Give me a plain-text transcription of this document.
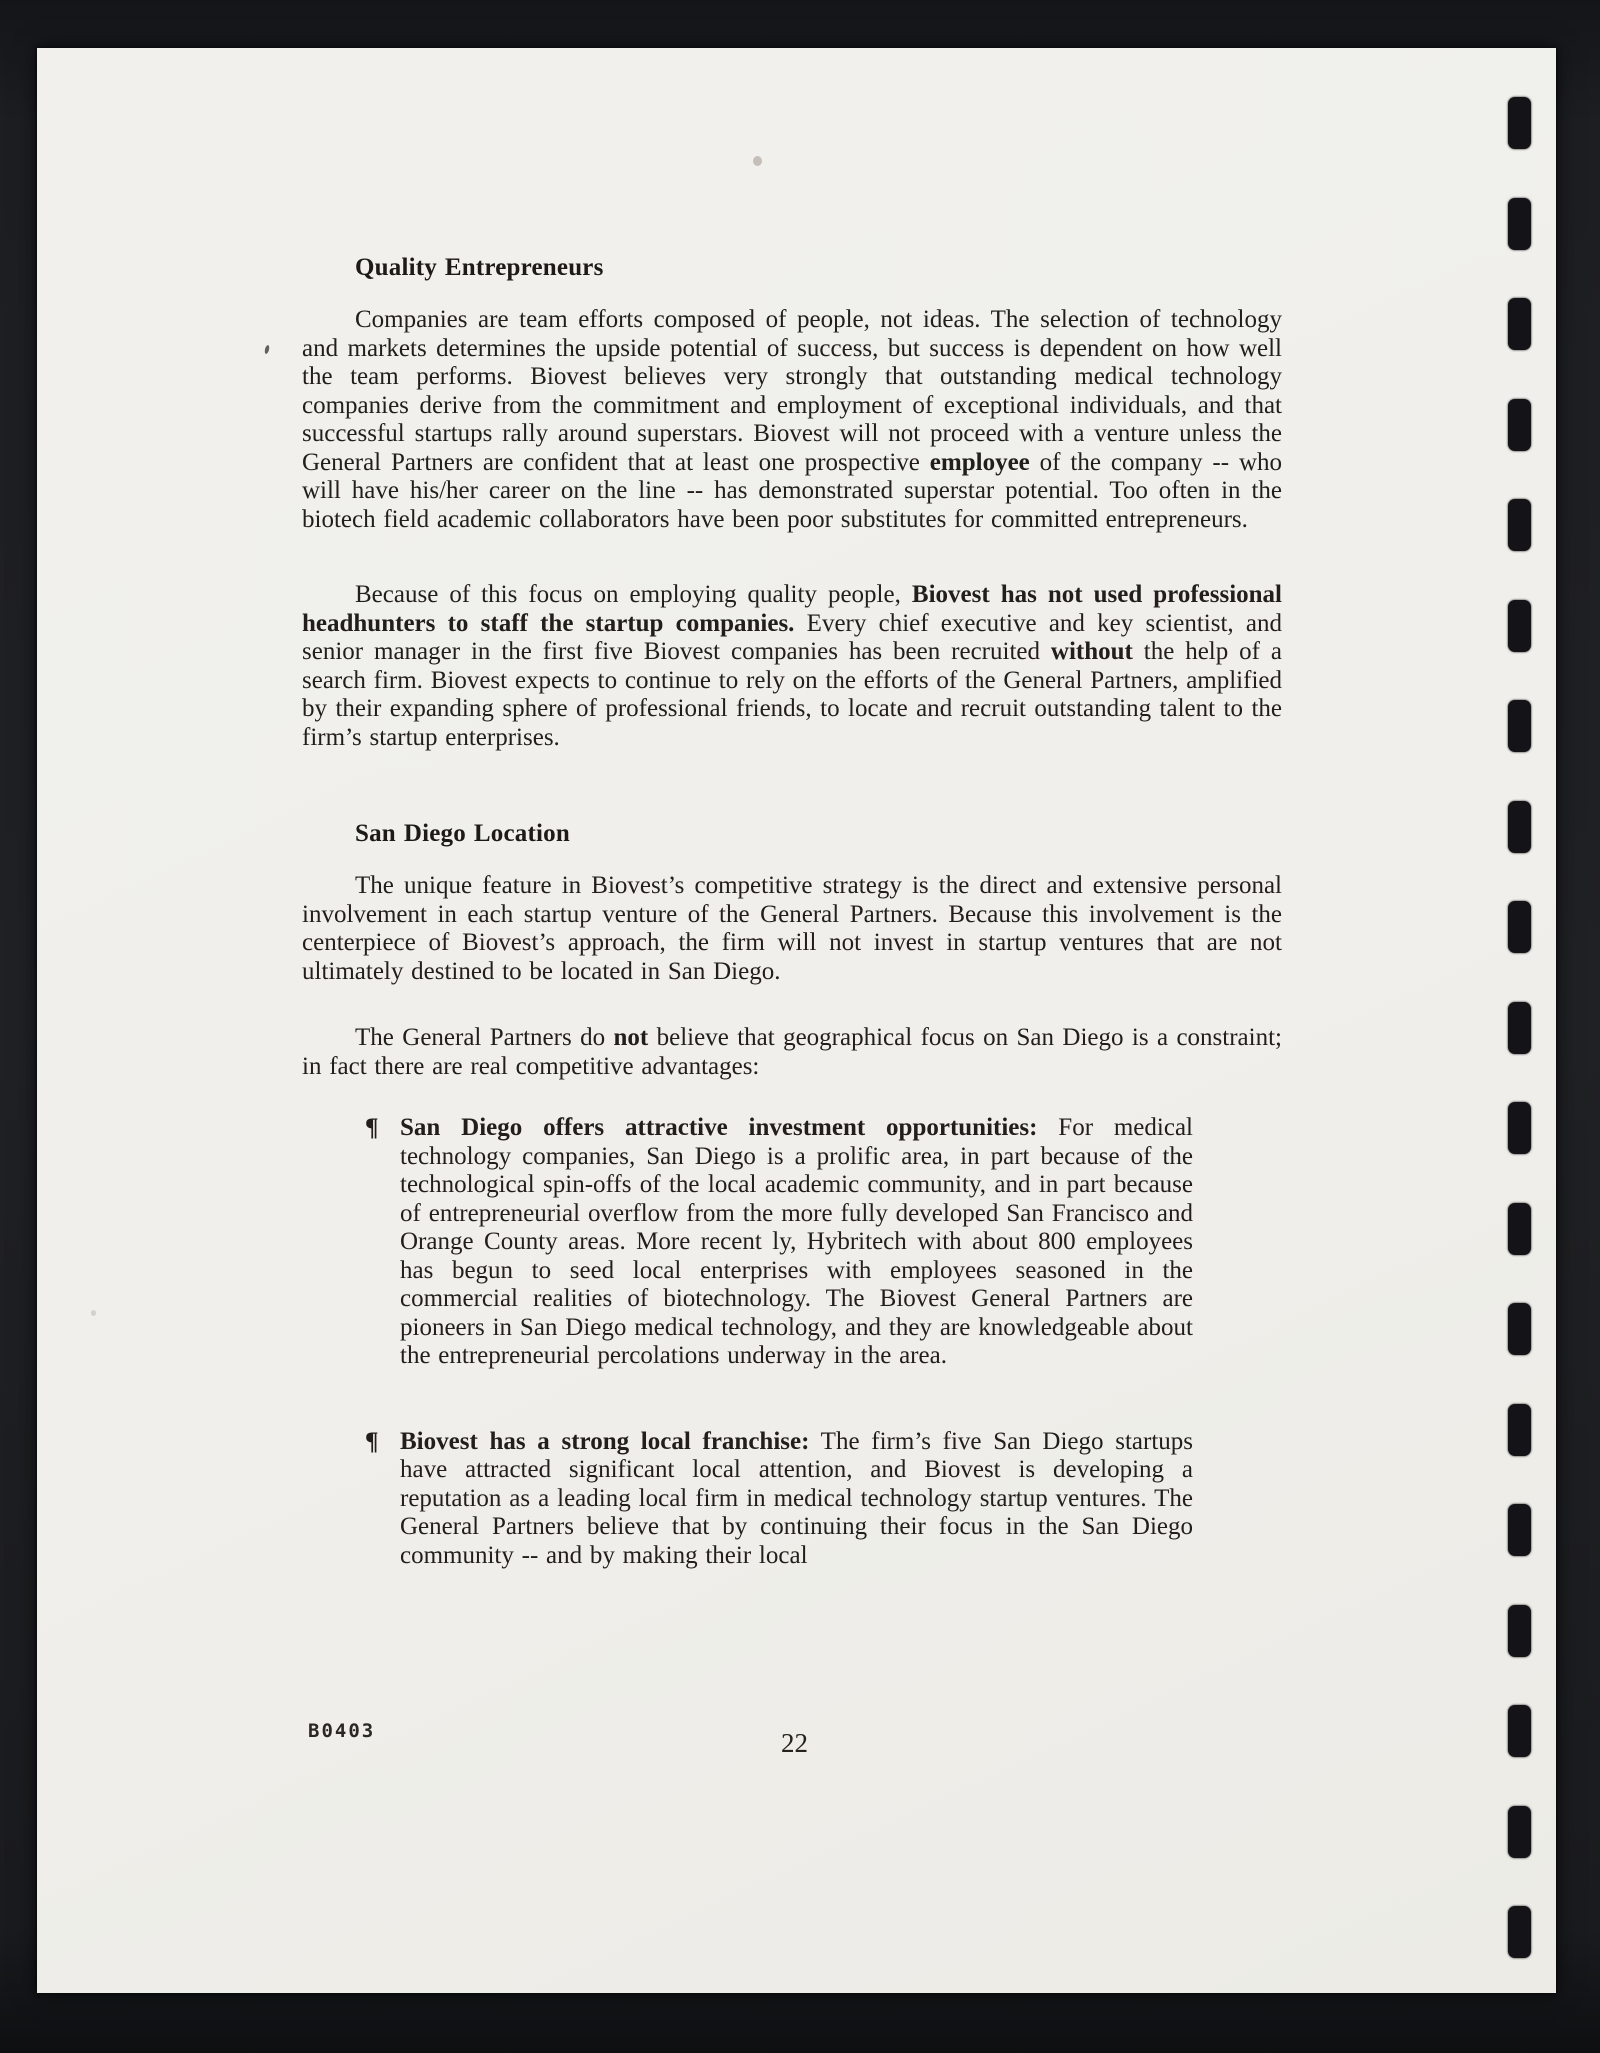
Quality Entrepreneurs

Companies are team efforts composed of people, not ideas. The selection of technology and markets determines the upside potential of success, but success is dependent on how well the team performs. Biovest believes very strongly that outstanding medical technology companies derive from the commitment and employment of exceptional individuals, and that successful startups rally around superstars. Biovest will not proceed with a venture unless the General Partners are confident that at least one prospective employee of the company -- who will have his/her career on the line -- has demonstrated superstar potential. Too often in the biotech field academic collaborators have been poor substitutes for committed entrepreneurs.

Because of this focus on employing quality people, Biovest has not used professional headhunters to staff the startup companies. Every chief executive and key scientist, and senior manager in the first five Biovest companies has been recruited without the help of a search firm. Biovest expects to continue to rely on the efforts of the General Partners, amplified by their expanding sphere of professional friends, to locate and recruit outstanding talent to the firm’s startup enterprises.

San Diego Location

The unique feature in Biovest’s competitive strategy is the direct and extensive personal involvement in each startup venture of the General Partners. Because this involvement is the centerpiece of Biovest’s approach, the firm will not invest in startup ventures that are not ultimately destined to be located in San Diego.

The General Partners do not believe that geographical focus on San Diego is a constraint; in fact there are real competitive advantages:

¶ San Diego offers attractive investment opportunities: For medical technology companies, San Diego is a prolific area, in part because of the technological spin-offs of the local academic community, and in part because of entrepreneurial overflow from the more fully developed San Francisco and Orange County areas. More recent ly, Hybritech with about 800 employees has begun to seed local enterprises with employees seasoned in the commercial realities of biotechnology. The Biovest General Partners are pioneers in San Diego medical technology, and they are knowledgeable about the entrepreneurial percolations underway in the area.
¶ Biovest has a strong local franchise: The firm’s five San Diego startups have attracted significant local attention, and Biovest is developing a reputation as a leading local firm in medical technology startup ventures. The General Partners believe that by continuing their focus in the San Diego community -- and by making their local
B0403	22
